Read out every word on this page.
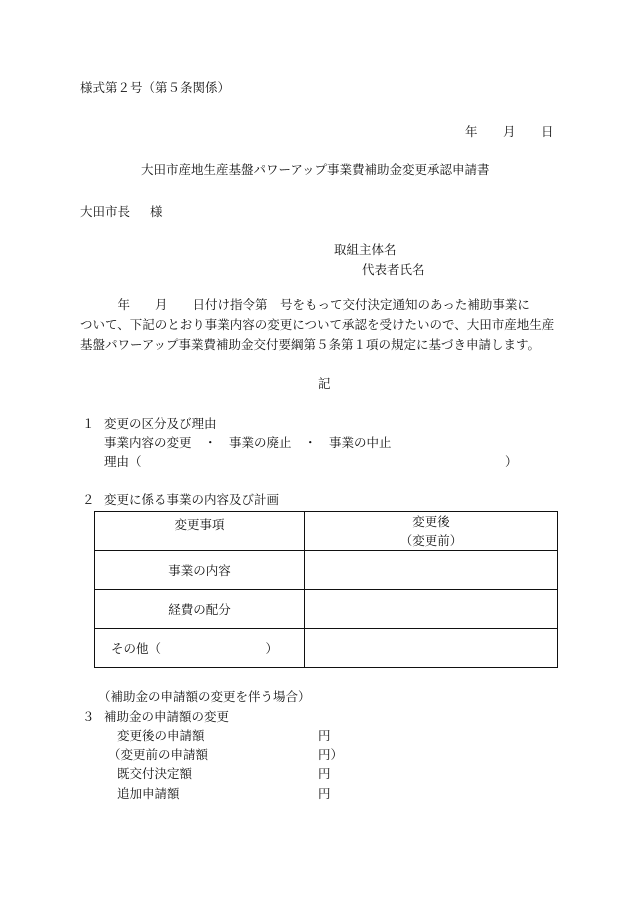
様式第２号（第５条関係）
年 月 日
大田市産地生産基盤パワーアップ事業費補助金変更承認申請書
大田市長 様
取組主体名
代表者氏名
　　　年　　月　　日付け指令第　号をもって交付決定通知のあった補助事業に
ついて、下記のとおり事業内容の変更について承認を受けたいので、大田市産地生産
基盤パワーアップ事業費補助金交付要綱第５条第１項の規定に基づき申請します。
記
１ 変更の区分及び理由
事業内容の変更　・　事業の廃止　・　事業の中止
理由（	）
２ 変更に係る事業の内容及び計画
変更事項	変更後
（変更前）

事業の内容	
経費の配分	

その他（ ）	

（補助金の申請額の変更を伴う場合）
３ 補助金の申請額の変更
変更後の申請額	円
（変更前の申請額	円）
既交付決定額	円
追加申請額	円
